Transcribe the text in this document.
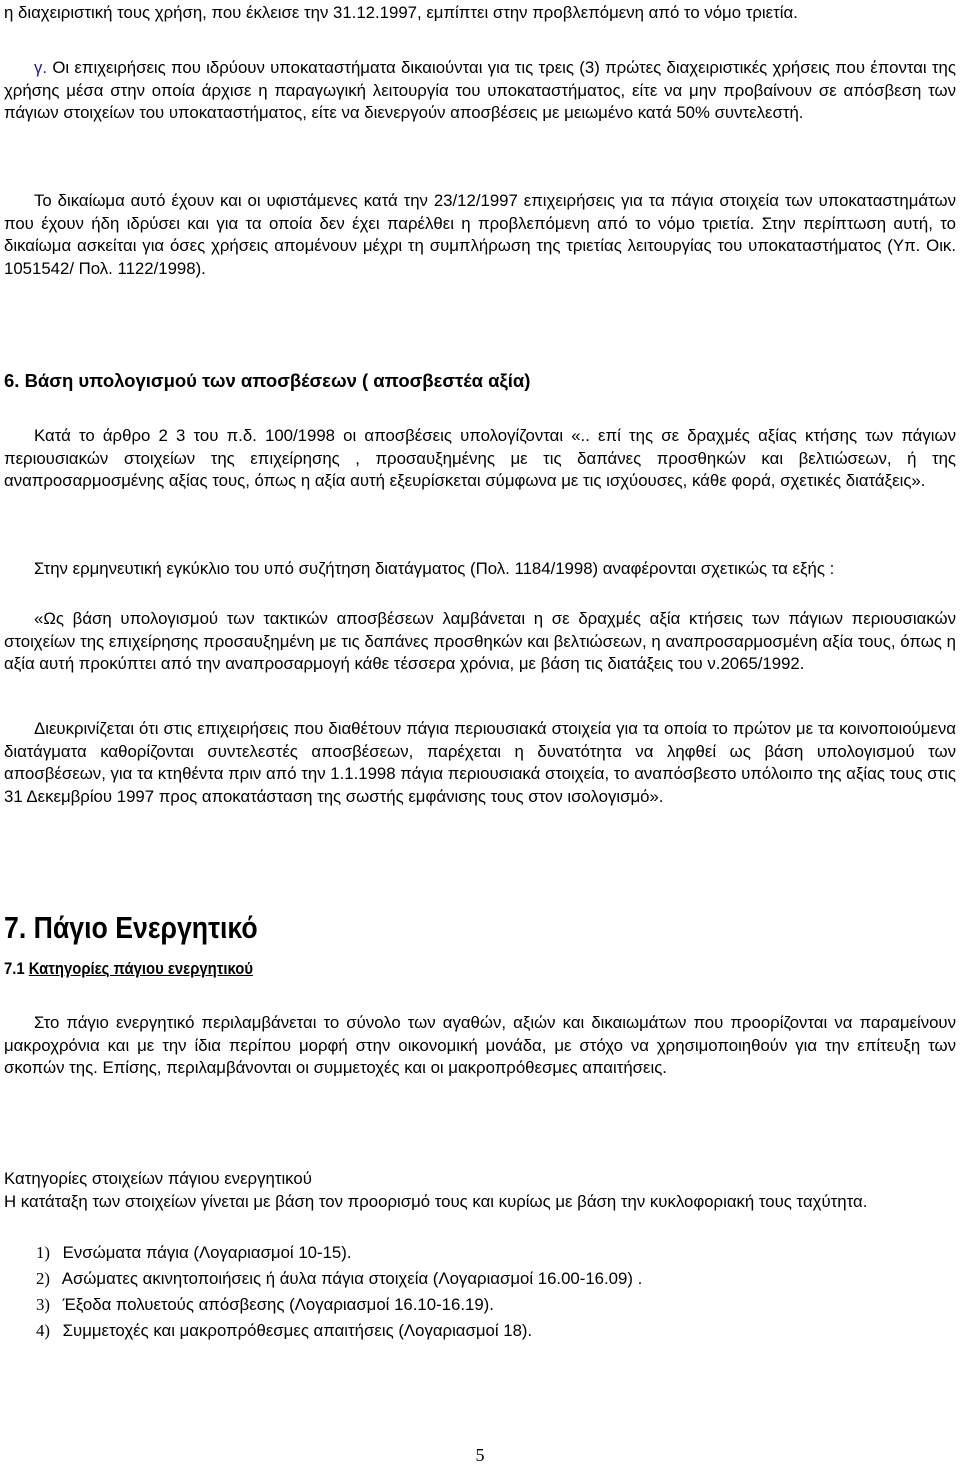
η διαχειριστική τους χρήση, που έκλεισε την 31.12.1997, εμπίπτει στην προβλεπόμενη από το νόμο τριετία.

γ. Οι επιχειρήσεις που ιδρύουν υποκαταστήματα δικαιούνται για τις τρεις (3) πρώτες διαχειριστικές χρήσεις που έπονται της χρήσης μέσα στην οποία άρχισε η παραγωγική λειτουργία του υποκαταστήματος, είτε να μην προβαίνουν σε απόσβεση των πάγιων στοιχείων του υποκαταστήματος, είτε να διενεργούν αποσβέσεις με μειωμένο κατά 50% συντελεστή.

Το δικαίωμα αυτό έχουν και οι υφιστάμενες κατά την 23/12/1997 επιχειρήσεις για τα πάγια στοιχεία των υποκαταστημάτων που έχουν ήδη ιδρύσει και για τα οποία δεν έχει παρέλθει η προβλεπόμενη από το νόμο τριετία. Στην περίπτωση αυτή, το δικαίωμα ασκείται για όσες χρήσεις απομένουν μέχρι τη συμπλήρωση της τριετίας λειτουργίας του υποκαταστήματος (Υπ. Οικ. 1051542/ Πολ. 1122/1998).

6. Βάση υπολογισμού των αποσβέσεων ( αποσβεστέα αξία)

Κατά το άρθρο 2 3 του π.δ. 100/1998 οι αποσβέσεις υπολογίζονται «.. επί της σε δραχμές αξίας κτήσης των πάγιων περιουσιακών στοιχείων της επιχείρησης , προσαυξημένης με τις δαπάνες προσθηκών και βελτιώσεων, ή της αναπροσαρμοσμένης αξίας τους, όπως η αξία αυτή εξευρίσκεται σύμφωνα με τις ισχύουσες, κάθε φορά, σχετικές διατάξεις».

Στην ερμηνευτική εγκύκλιο του υπό συζήτηση διατάγματος (Πολ. 1184/1998) αναφέρονται σχετικώς τα εξής :

«Ως βάση υπολογισμού των τακτικών αποσβέσεων λαμβάνεται η σε δραχμές αξία κτήσεις των πάγιων περιουσιακών στοιχείων της επιχείρησης προσαυξημένη με τις δαπάνες προσθηκών και βελτιώσεων, η αναπροσαρμοσμένη αξία τους, όπως η αξία αυτή προκύπτει από την αναπροσαρμογή κάθε τέσσερα χρόνια, με βάση τις διατάξεις του ν.2065/1992.

Διευκρινίζεται ότι στις επιχειρήσεις που διαθέτουν πάγια περιουσιακά στοιχεία για τα οποία το πρώτον με τα κοινοποιούμενα διατάγματα καθορίζονται συντελεστές αποσβέσεων, παρέχεται η δυνατότητα να ληφθεί ως βάση υπολογισμού των αποσβέσεων, για τα κτηθέντα πριν από την 1.1.1998 πάγια περιουσιακά στοιχεία, το αναπόσβεστο υπόλοιπο της αξίας τους στις 31 Δεκεμβρίου 1997 προς αποκατάσταση της σωστής εμφάνισης τους στον ισολογισμό».

7. Πάγιο Ενεργητικό
7.1 Κατηγορίες πάγιου ενεργητικού

Στο πάγιο ενεργητικό περιλαμβάνεται το σύνολο των αγαθών, αξιών και δικαιωμάτων που προορίζονται να παραμείνουν μακροχρόνια και με την ίδια περίπου μορφή στην οικονομική μονάδα, με στόχο να χρησιμοποιηθούν για την επίτευξη των σκοπών της. Επίσης, περιλαμβάνονται οι συμμετοχές και οι μακροπρόθεσμες απαιτήσεις.

Κατηγορίες στοιχείων πάγιου ενεργητικού

Η κατάταξη των στοιχείων γίνεται με βάση τον προορισμό τους και κυρίως με βάση την κυκλοφοριακή τους ταχύτητα.

1) Ενσώματα πάγια (Λογαριασμοί 10-15).
2) Ασώματες ακινητοποιήσεις ή άυλα πάγια στοιχεία (Λογαριασμοί 16.00-16.09) .
3) Έξοδα πολυετούς απόσβεσης (Λογαριασμοί 16.10-16.19).
4) Συμμετοχές και μακροπρόθεσμες απαιτήσεις (Λογαριασμοί 18).
5
